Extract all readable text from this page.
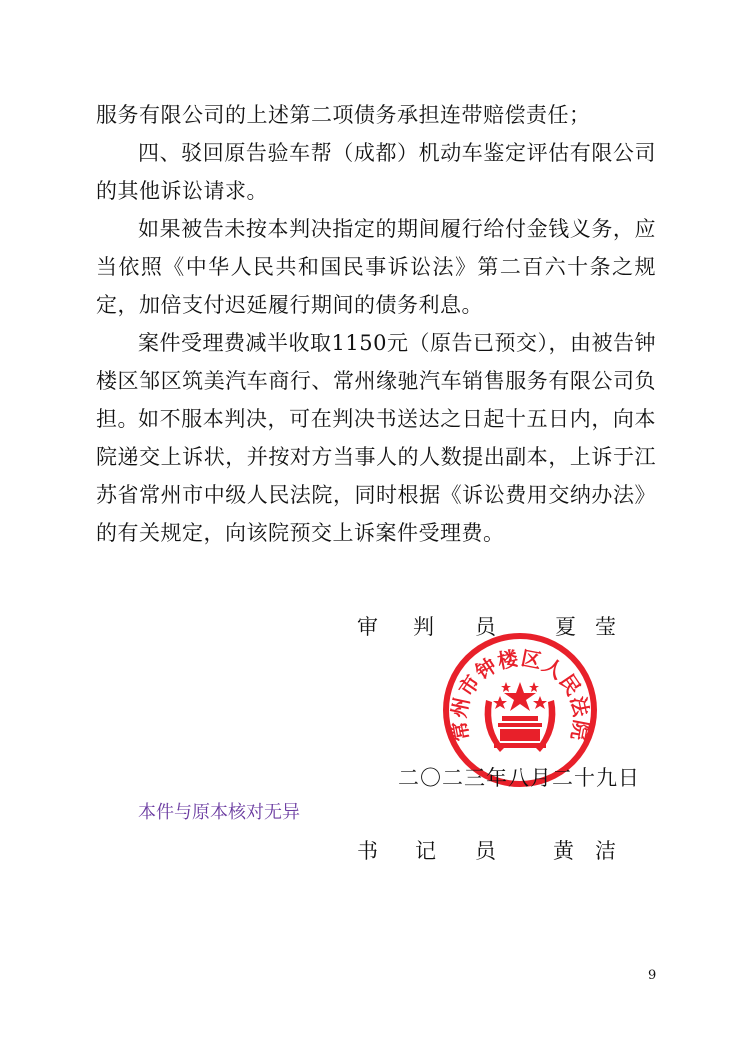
服务有限公司的上述第二项债务承担连带赔偿责任；

四、驳回原告验车帮（成都）机动车鉴定评估有限公司的其他诉讼请求。

如果被告未按本判决指定的期间履行给付金钱义务，应当依照《中华人民共和国民事诉讼法》第二百六十条之规定，加倍支付迟延履行期间的债务利息。

案件受理费减半收取1150元（原告已预交），由被告钟楼区邹区筑美汽车商行、常州缘驰汽车销售服务有限公司负担。 如不服本判决，可在判决书送达之日起十五日内，向本院递交上诉状，并按对方当事人的人数提出副本，上诉于江苏省常州市中级人民法院，同时根据《诉讼费用交纳办法》的有关规定，向该院预交上诉案件受理费。

常州市钟楼区人民法院
审 判 员	夏 莹
二〇二三年八月二十九日
本件与原本核对无异
书 记 员	黄 洁
9
